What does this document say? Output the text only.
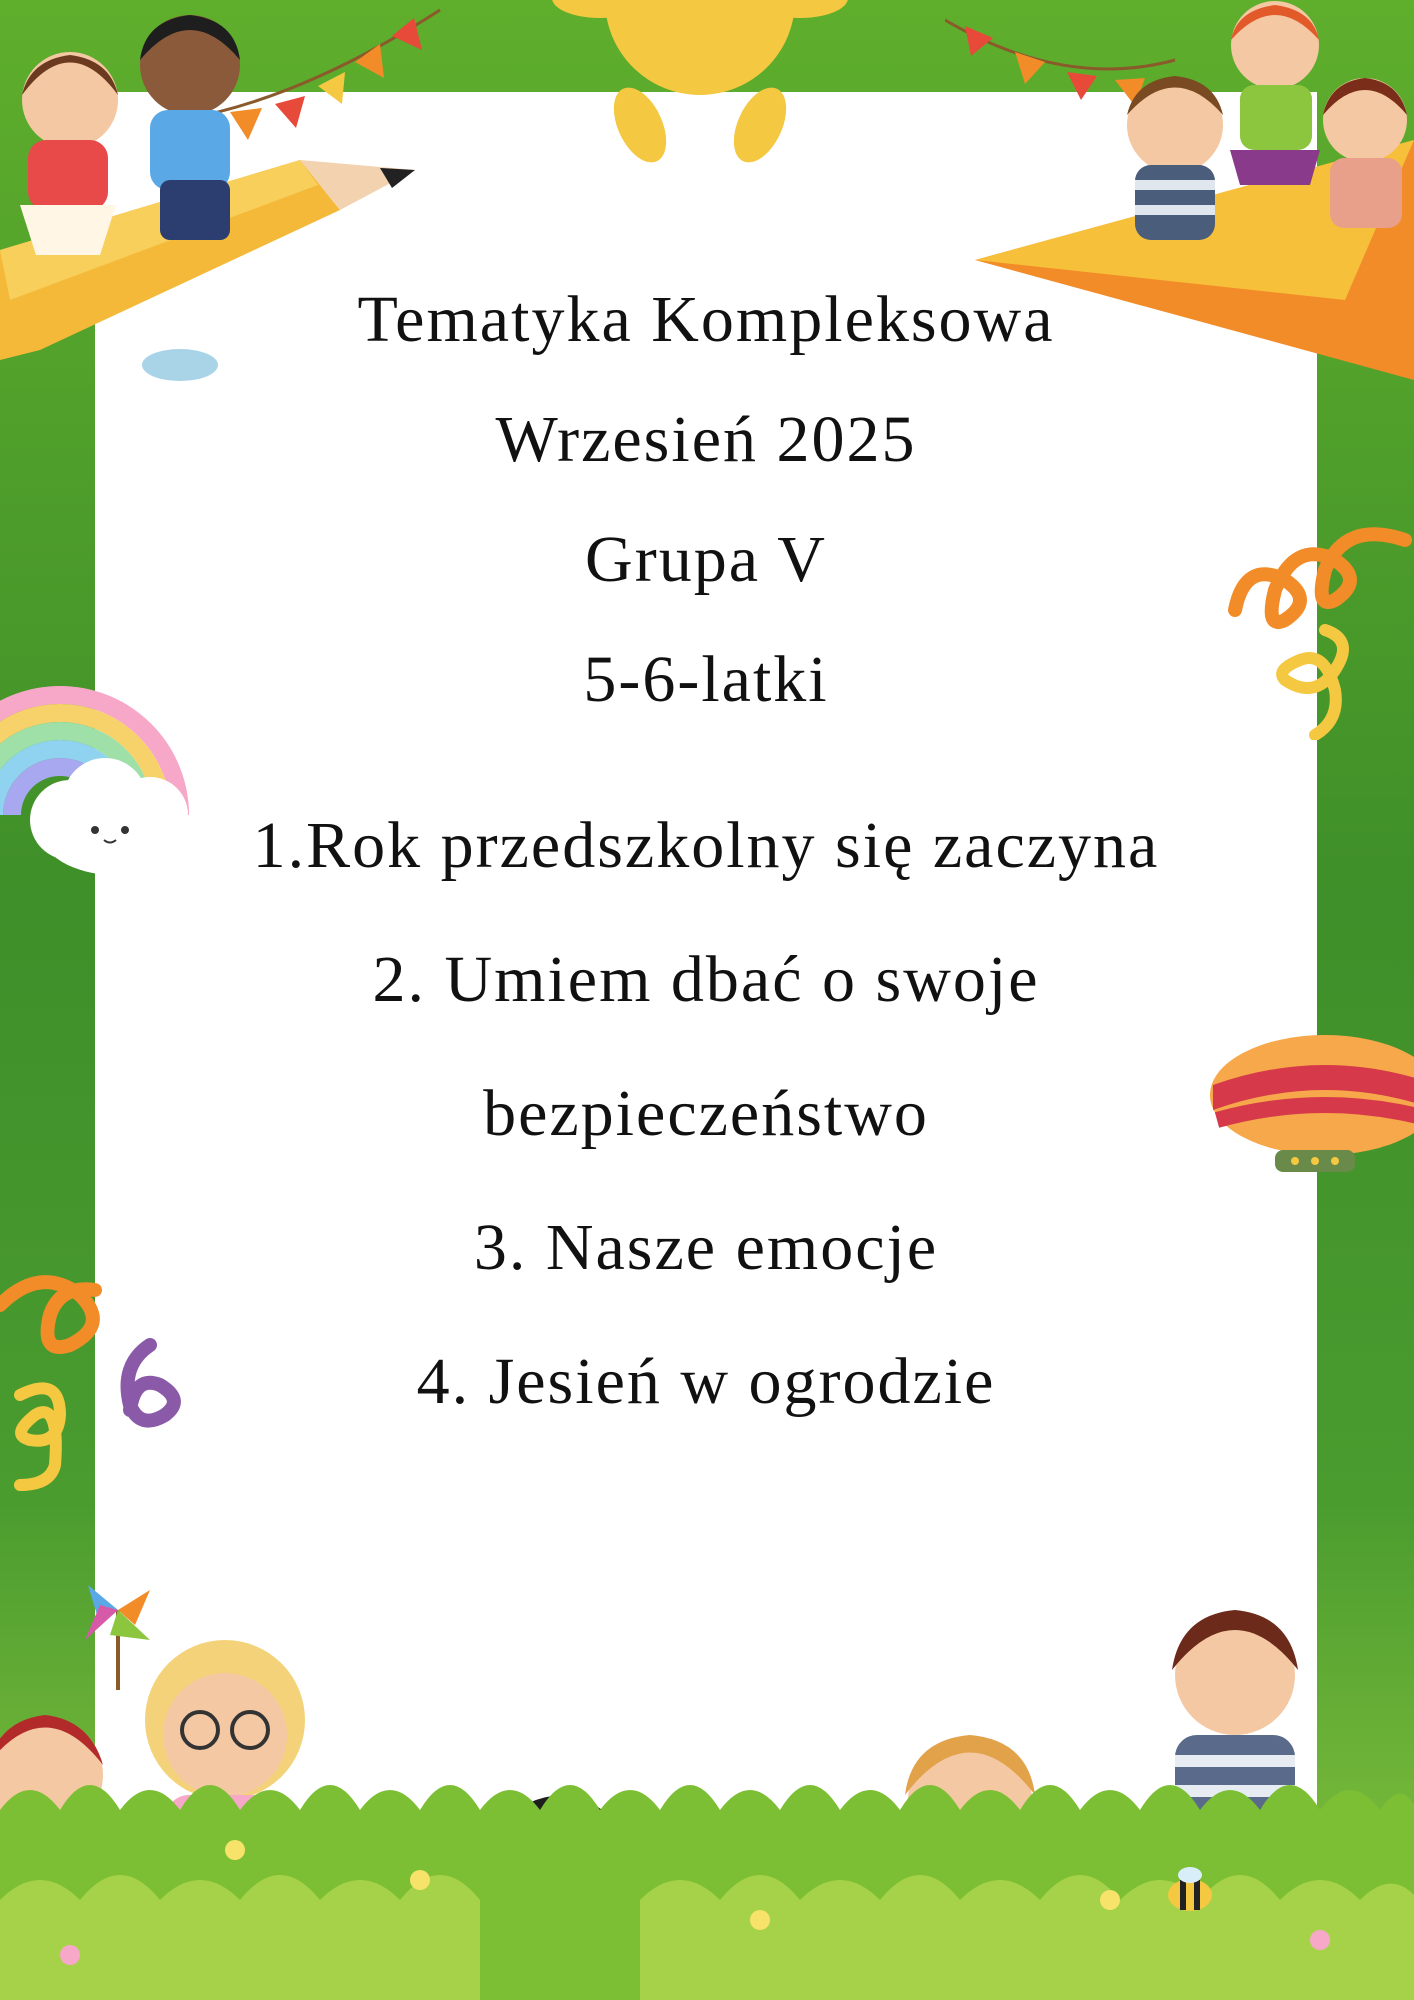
Tematyka Kompleksowa
Wrzesień 2025
Grupa V
5-6-latki
1.Rok przedszkolny się zaczyna
2. Umiem dbać o swoje
bezpieczeństwo
3. Nasze emocje
4. Jesień w ogrodzie
